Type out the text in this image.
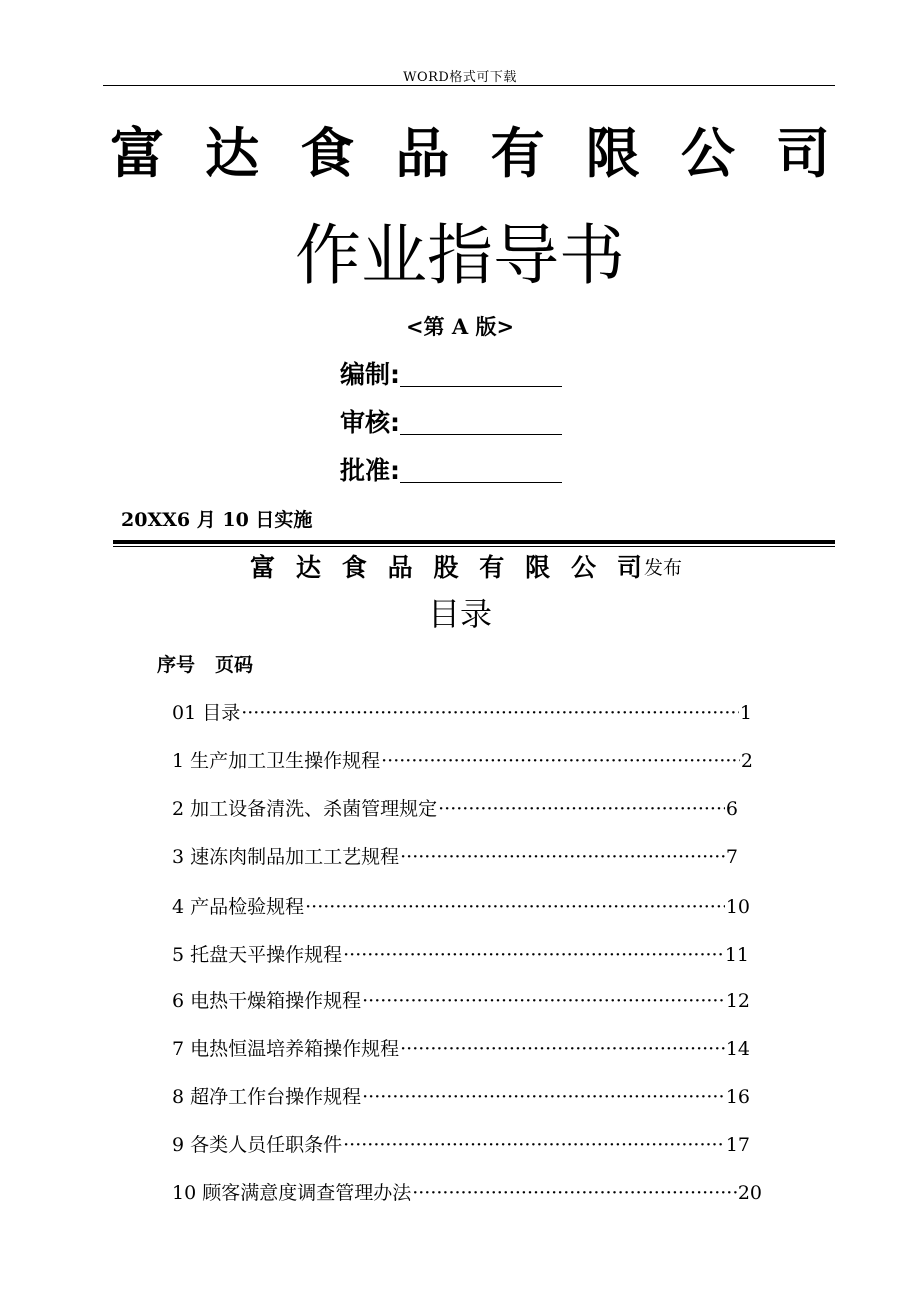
WORD格式可下载
富 达 食 品 有 限 公 司
作业指导书
<第 A 版>
编制:
审核:
批准:
20XX6 月 10 日实施
富 达 食 品 股 有 限 公 司 发布
目录
序号 页码
01 目录 ·····	1
1 生产加工卫生操作规程 ·····	2
2 加工设备清洗、杀菌管理规定 ·····	6
3 速冻肉制品加工工艺规程 ·····	7
4 产品检验规程 ·····	10
5 托盘天平操作规程 ·····	11
6 电热干燥箱操作规程 ·····	12
7 电热恒温培养箱操作规程 ·····	14
8 超净工作台操作规程 ·····	16
9 各类人员任职条件 ·····	17
10 顾客满意度调查管理办法 ·····	20
